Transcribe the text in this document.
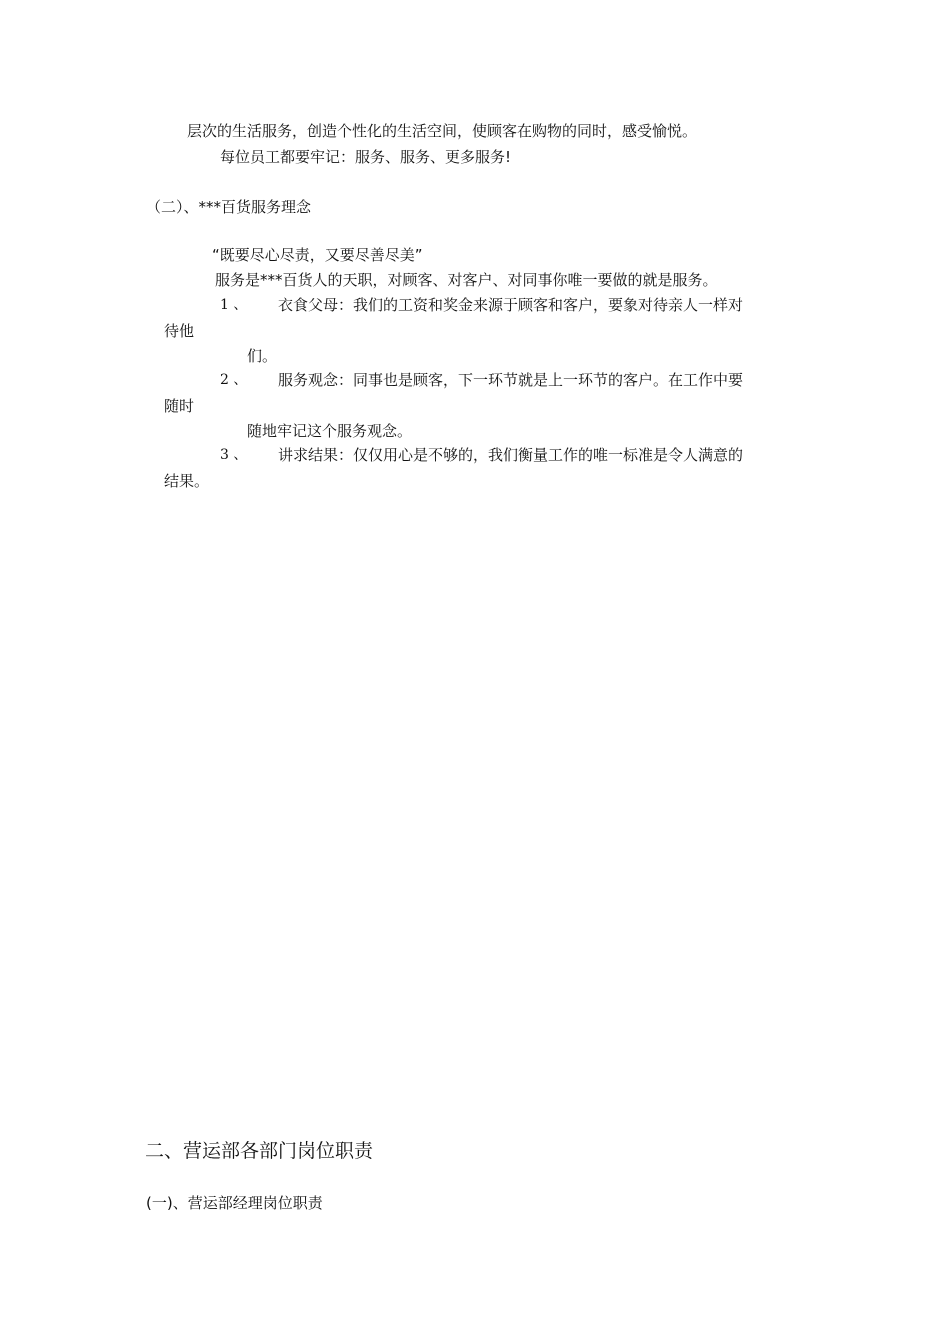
层次的生活服务，创造个性化的生活空间，使顾客在购物的同时，感受愉悦。
每位员工都要牢记：服务、服务、更多服务!
（二）、***百货服务理念
“既要尽心尽责，又要尽善尽美”
服务是***百货人的天职，对顾客、对客户、对同事你唯一要做的就是服务。
1 、 衣食父母：我们的工资和奖金来源于顾客和客户，要象对待亲人一样对
待他
们。
2 、 服务观念：同事也是顾客，下一环节就是上一环节的客户。在工作中要
随时
随地牢记这个服务观念。
3 、 讲求结果：仅仅用心是不够的，我们衡量工作的唯一标准是令人满意的
结果。
二、营运部各部门岗位职责
(一)、营运部经理岗位职责
